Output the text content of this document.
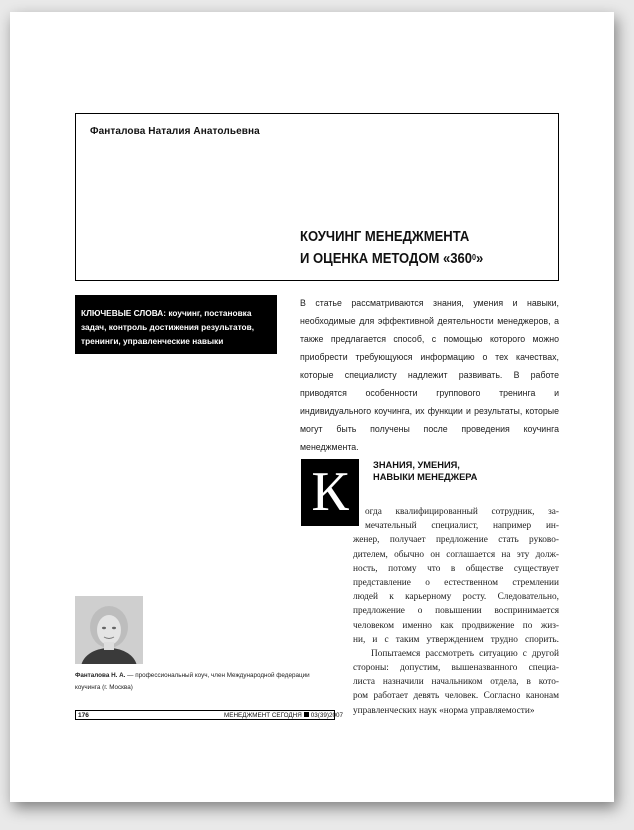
Фанталова Наталия Анатольевна
КОУЧИНГ МЕНЕДЖМЕНТА
И ОЦЕНКА МЕТОДОМ «$360^0$»
КЛЮЧЕВЫЕ СЛОВА: коучинг, постановка задач, контроль достижения результатов, тренинги, управленческие навыки
В статье рассматриваются знания, умения и навыки, необходимые для эффективной деятельности менеджеров, а также предлагается способ, с помощью которого можно приобрести требующуюся информацию о тех качествах, которые специалисту надлежит развивать. В работе приводятся особенности группового тренинга и индивидуального коучинга, их функции и результаты, которые могут быть получены после проведения коучинга менеджмента.
К	ЗНАНИЯ, УМЕНИЯ,
НАВЫКИ МЕНЕДЖЕРА
огда квалифицированный сотрудник, за-
мечательный специалист, например ин-
женер, получает предложение стать руково-
дителем, обычно он соглашается на эту долж-
ность, потому что в обществе существует
представление о естественном стремлении
людей к карьерному росту. Следовательно,
предложение о повышении воспринимается
человеком именно как продвижение по жиз-
ни, и с таким утверждением трудно спорить.
Попытаемся рассмотреть ситуацию с другой
стороны: допустим, вышеназванного специа-
листа назначили начальником отдела, в кото-
ром работает девять человек. Согласно канонам
управленческих наук «норма управляемости»
Фанталова Н. А. — профессиональный коуч, член Международной федерации коучинга (г. Москва)
176	МЕНЕДЖМЕНТ СЕГОДНЯ 03(39)2007
